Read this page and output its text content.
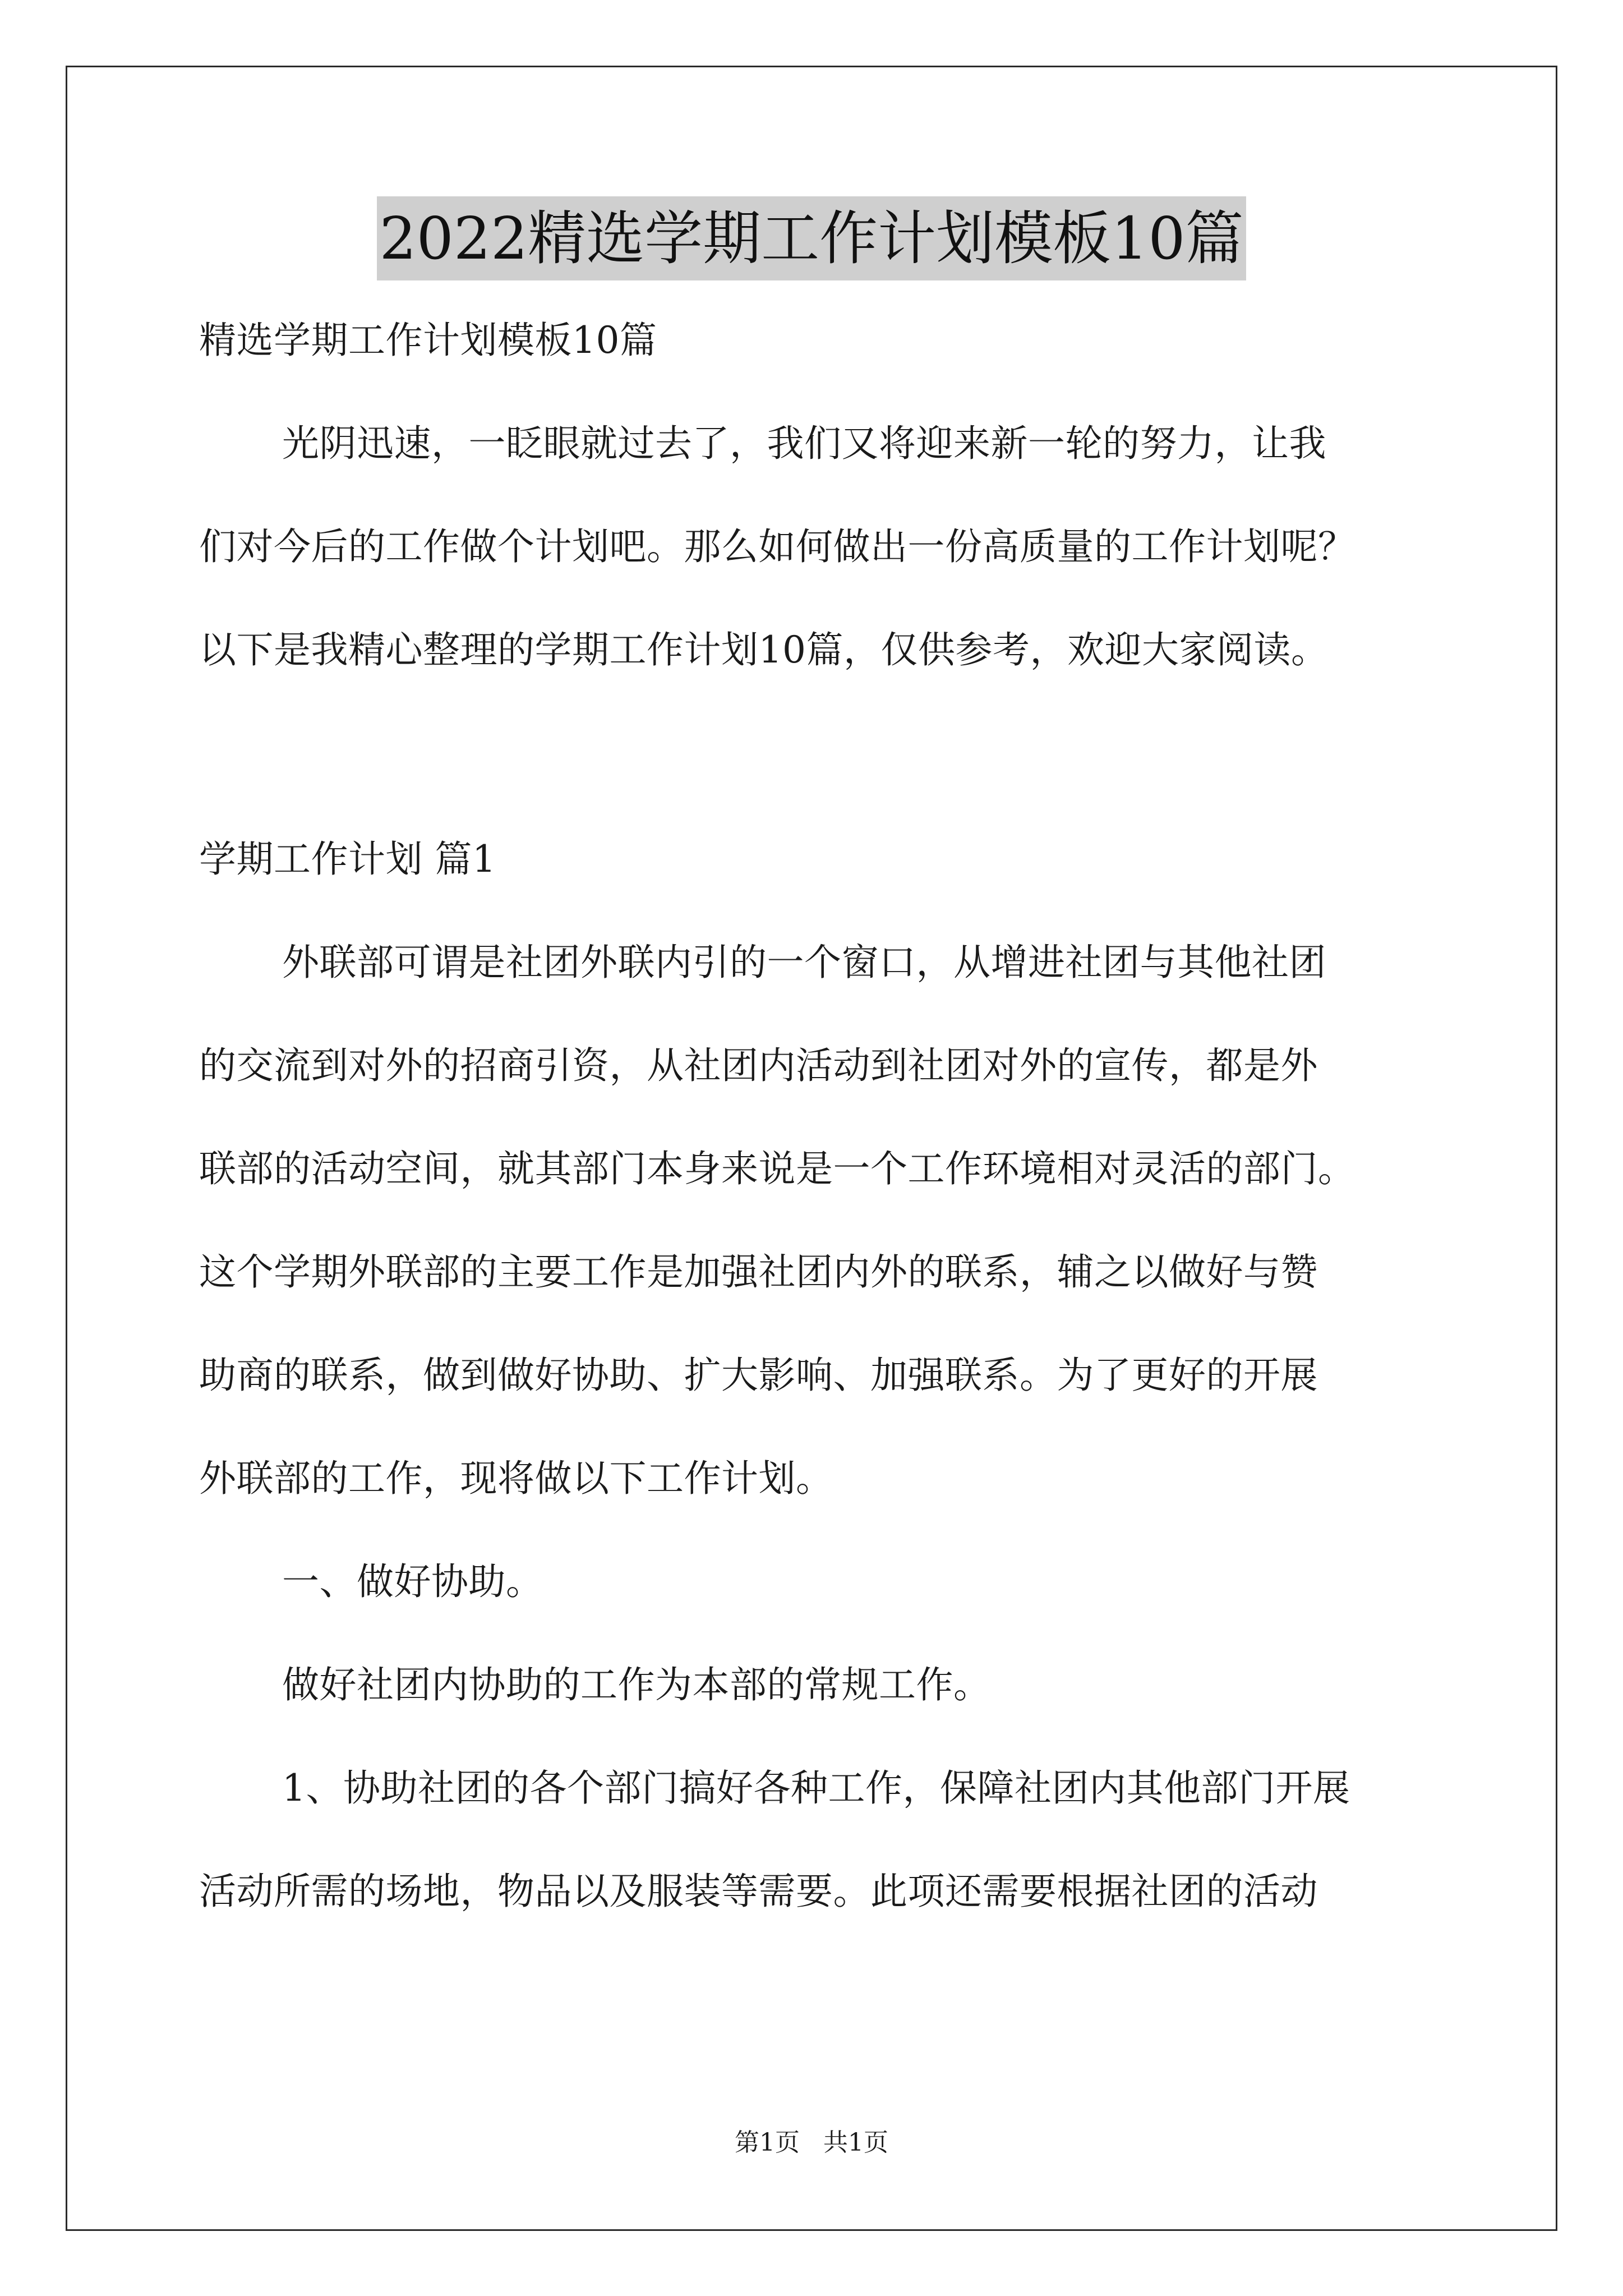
2022精选学期工作计划模板10篇

精选学期工作计划模板10篇

光阴迅速，一眨眼就过去了，我们又将迎来新一轮的努力，让我

们对今后的工作做个计划吧。那么如何做出一份高质量的工作计划呢？

以下是我精心整理的学期工作计划10篇，仅供参考，欢迎大家阅读。

学期工作计划 篇1

外联部可谓是社团外联内引的一个窗口，从增进社团与其他社团

的交流到对外的招商引资，从社团内活动到社团对外的宣传，都是外

联部的活动空间，就其部门本身来说是一个工作环境相对灵活的部门。

这个学期外联部的主要工作是加强社团内外的联系，辅之以做好与赞

助商的联系，做到做好协助、扩大影响、加强联系。为了更好的开展

外联部的工作，现将做以下工作计划。

一、做好协助。

做好社团内协助的工作为本部的常规工作。

1、协助社团的各个部门搞好各种工作，保障社团内其他部门开展

活动所需的场地，物品以及服装等需要。此项还需要根据社团的活动

第1页 共1页
